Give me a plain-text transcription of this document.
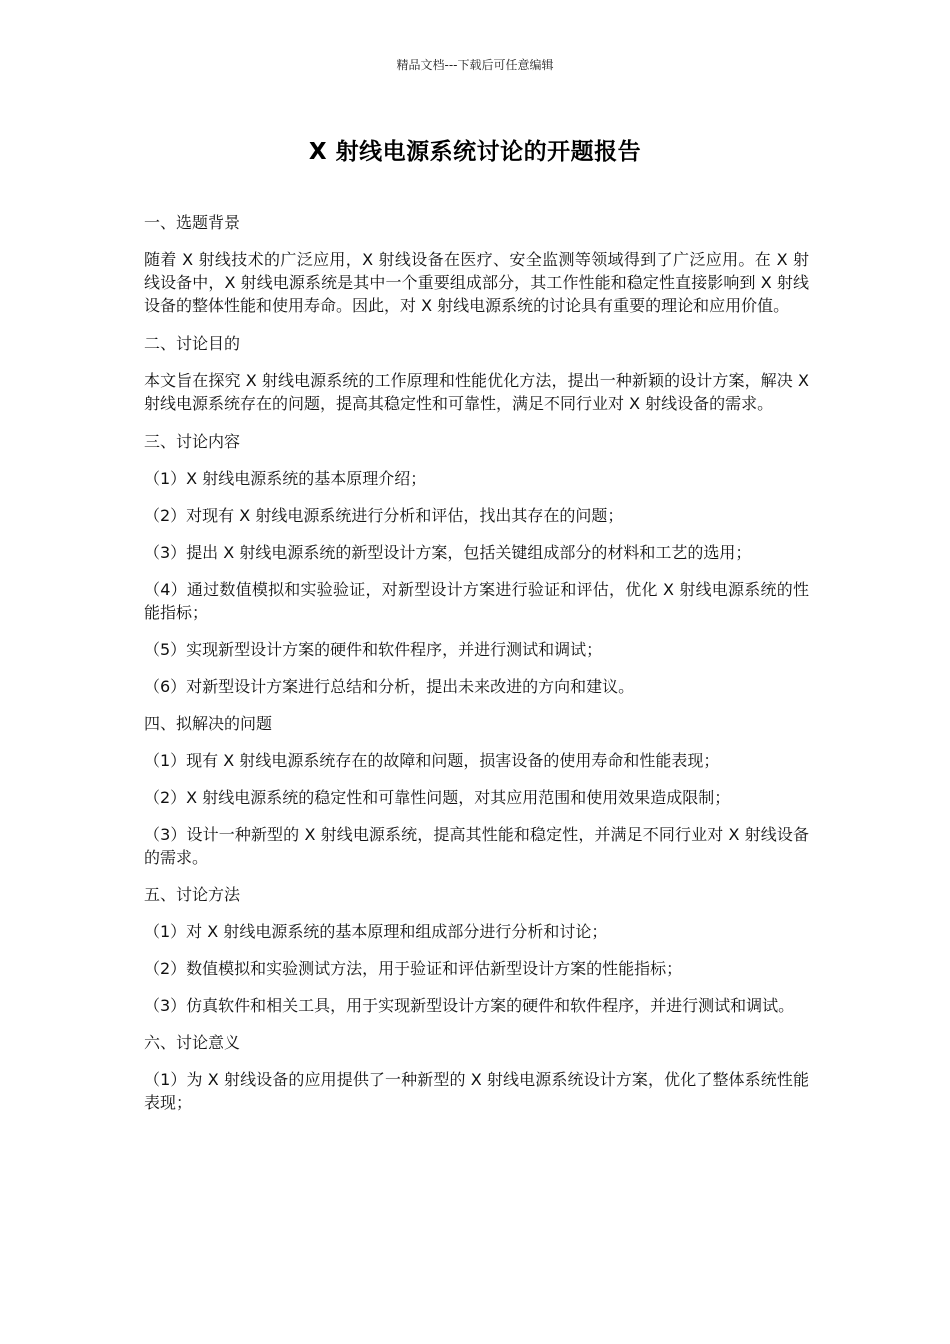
精品文档---下载后可任意编辑
X 射线电源系统讨论的开题报告
一、选题背景
随着 X 射线技术的广泛应用，X 射线设备在医疗、安全监测等领域得到了广泛应用。在 X 射线设备中，X 射线电源系统是其中一个重要组成部分，其工作性能和稳定性直接影响到 X 射线设备的整体性能和使用寿命。因此，对 X 射线电源系统的讨论具有重要的理论和应用价值。
二、讨论目的
本文旨在探究 X 射线电源系统的工作原理和性能优化方法，提出一种新颖的设计方案，解决 X 射线电源系统存在的问题，提高其稳定性和可靠性，满足不同行业对 X 射线设备的需求。
三、讨论内容
（1）X 射线电源系统的基本原理介绍；
（2）对现有 X 射线电源系统进行分析和评估，找出其存在的问题；
（3）提出 X 射线电源系统的新型设计方案，包括关键组成部分的材料和工艺的选用；
（4）通过数值模拟和实验验证，对新型设计方案进行验证和评估，优化 X 射线电源系统的性能指标；
（5）实现新型设计方案的硬件和软件程序，并进行测试和调试；
（6）对新型设计方案进行总结和分析，提出未来改进的方向和建议。
四、拟解决的问题
（1）现有 X 射线电源系统存在的故障和问题，损害设备的使用寿命和性能表现；
（2）X 射线电源系统的稳定性和可靠性问题，对其应用范围和使用效果造成限制；
（3）设计一种新型的 X 射线电源系统，提高其性能和稳定性，并满足不同行业对 X 射线设备的需求。
五、讨论方法
（1）对 X 射线电源系统的基本原理和组成部分进行分析和讨论；
（2）数值模拟和实验测试方法，用于验证和评估新型设计方案的性能指标；
（3）仿真软件和相关工具，用于实现新型设计方案的硬件和软件程序，并进行测试和调试。
六、讨论意义
（1）为 X 射线设备的应用提供了一种新型的 X 射线电源系统设计方案，优化了整体系统性能表现；
